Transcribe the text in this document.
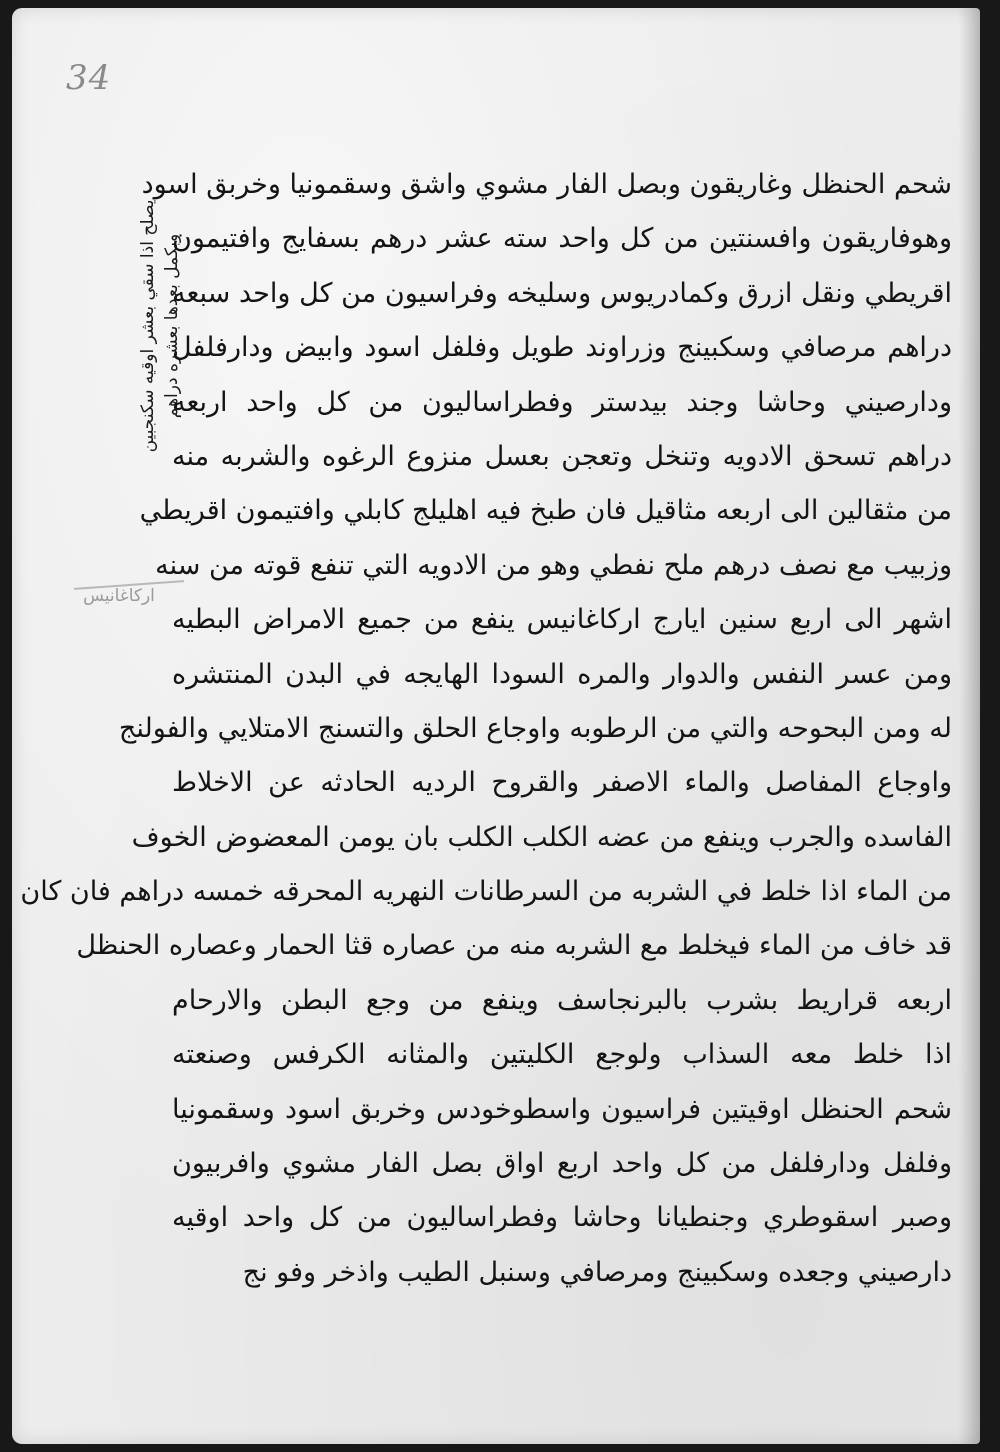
34
يصلح اذا سقي بعشر اوقيه سكنجبين وبكمل بعدها بعشره دراهم
اركاغانيس
شحم الحنظل وغاريقون وبصل الفار مشوي واشق وسقمونيا وخربق اسود
وهوفاريقون وافسنتين من كل واحد سته عشر درهم بسفايج وافتيمون
اقريطي ونقل ازرق وكمادريوس وسليخه وفراسيون من كل واحد سبعه
دراهم مرصافي وسكبينج وزراوند طويل وفلفل اسود وابيض ودارفلفل
ودارصيني وحاشا وجند بيدستر وفطراساليون من كل واحد اربعه
دراهم تسحق الادويه وتنخل وتعجن بعسل منزوع الرغوه والشربه منه
من مثقالين الى اربعه مثاقيل فان طبخ فيه اهليلج كابلي وافتيمون اقريطي
وزبيب مع نصف درهم ملح نفطي وهو من الادويه التي تنفع قوته من سنه
اشهر الى اربع سنين ايارج اركاغانيس ينفع من جميع الامراض البطيه
ومن عسر النفس والدوار والمره السودا الهايجه في البدن المنتشره
له ومن البحوحه والتي من الرطوبه واوجاع الحلق والتسنج الامتلايي والفولنج
واوجاع المفاصل والماء الاصفر والقروح الرديه الحادثه عن الاخلاط
الفاسده والجرب وينفع من عضه الكلب الكلب بان يومن المعضوض الخوف
من الماء اذا خلط في الشربه من السرطانات النهريه المحرقه خمسه دراهم فان كان
قد خاف من الماء فيخلط مع الشربه منه من عصاره قثا الحمار وعصاره الحنظل
اربعه قراريط بشرب بالبرنجاسف وينفع من وجع البطن والارحام
اذا خلط معه السذاب ولوجع الكليتين والمثانه الكرفس وصنعته
شحم الحنظل اوقيتين فراسيون واسطوخودس وخربق اسود وسقمونيا
وفلفل ودارفلفل من كل واحد اربع اواق بصل الفار مشوي وافربيون
وصبر اسقوطري وجنطيانا وحاشا وفطراساليون من كل واحد اوقيه
دارصيني وجعده وسكبينج ومرصافي وسنبل الطيب واذخر وفو نج
